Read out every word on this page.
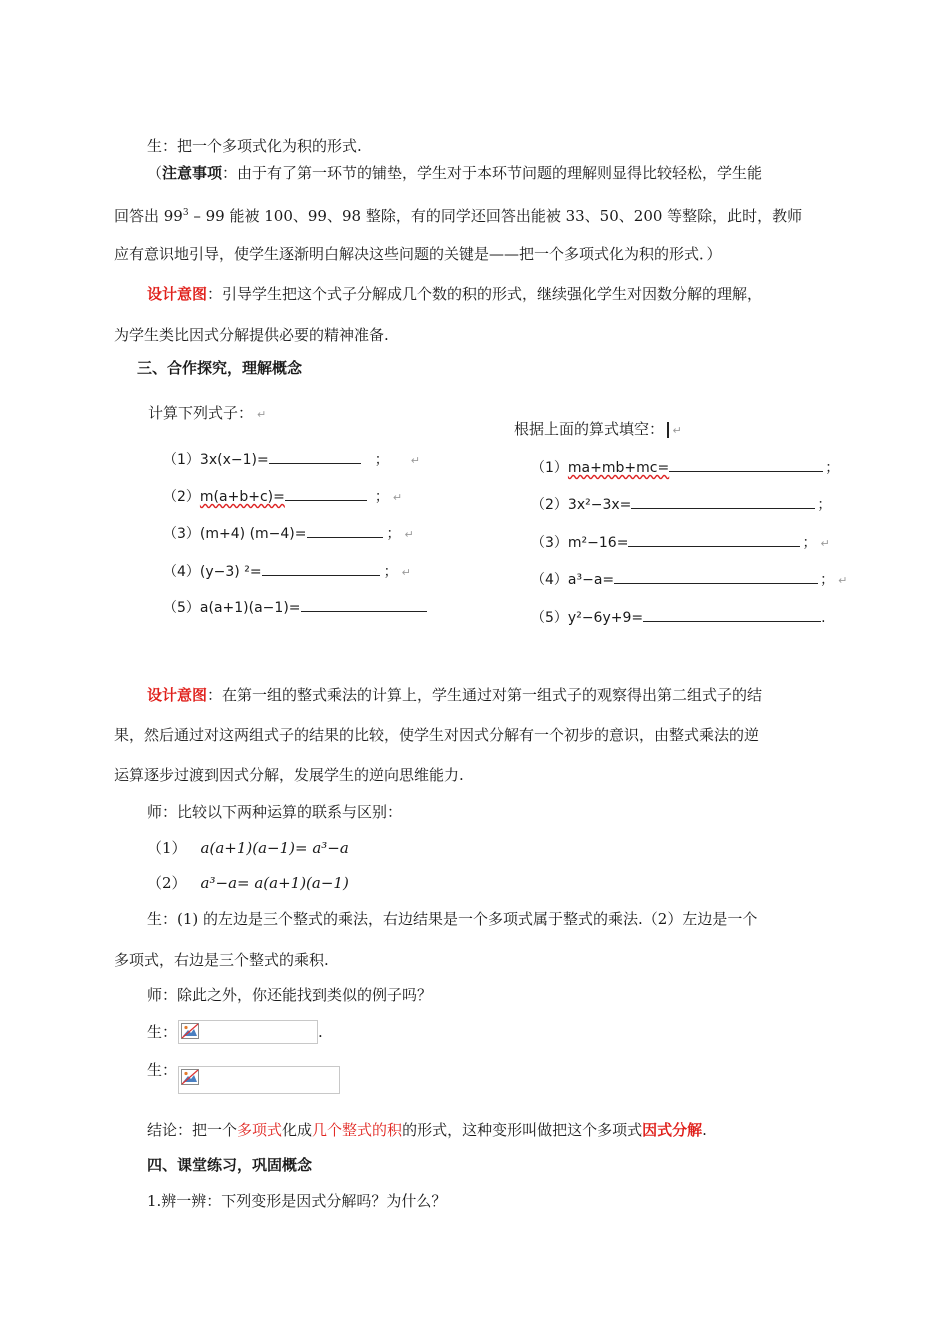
生：把一个多项式化为积的形式.
（注意事项：由于有了第一环节的铺垫，学生对于本环节问题的理解则显得比较轻松，学生能
回答出 $99^3 - 99$ 能被 100、99、98 整除，有的同学还回答出能被 33、50、200 等整除，此时，教师
应有意识地引导，使学生逐渐明白解决这些问题的关键是——把一个多项式化为积的形式．）
设计意图：引导学生把这个式子分解成几个数的积的形式，继续强化学生对因数分解的理解，
为学生类比因式分解提供必要的精神准备.
三、合作探究，理解概念
计算下列式子： ↵
（1）3x(x−1)=	； ↵
（2）m(a+b+c)=	； ↵
（3）(m+4) (m−4)=	； ↵
（4）(y−3) ²=	； ↵
（5）a(a+1)(a−1)=
根据上面的算式填空： ↵
（1）ma+mb+mc=	；
（2）3x²−3x=	；
（3）m²−16=	； ↵
（4）a³−a=	； ↵
（5）y²−6y+9=	.
设计意图：在第一组的整式乘法的计算上，学生通过对第一组式子的观察得出第二组式子的结
果，然后通过对这两组式子的结果的比较，使学生对因式分解有一个初步的意识，由整式乘法的逆
运算逐步过渡到因式分解，发展学生的逆向思维能力.
师：比较以下两种运算的联系与区别：
（1） a(a+1)(a−1)= a³−a
（2） a³−a= a(a+1)(a−1)
生：(1) 的左边是三个整式的乘法，右边结果是一个多项式属于整式的乘法.（2）左边是一个
多项式，右边是三个整式的乘积.
师：除此之外，你还能找到类似的例子吗？
生：	.
生：
结论：把一个多项式化成几个整式的积的形式，这种变形叫做把这个多项式因式分解.
四、课堂练习，巩固概念
1.辨一辨：下列变形是因式分解吗？为什么？
